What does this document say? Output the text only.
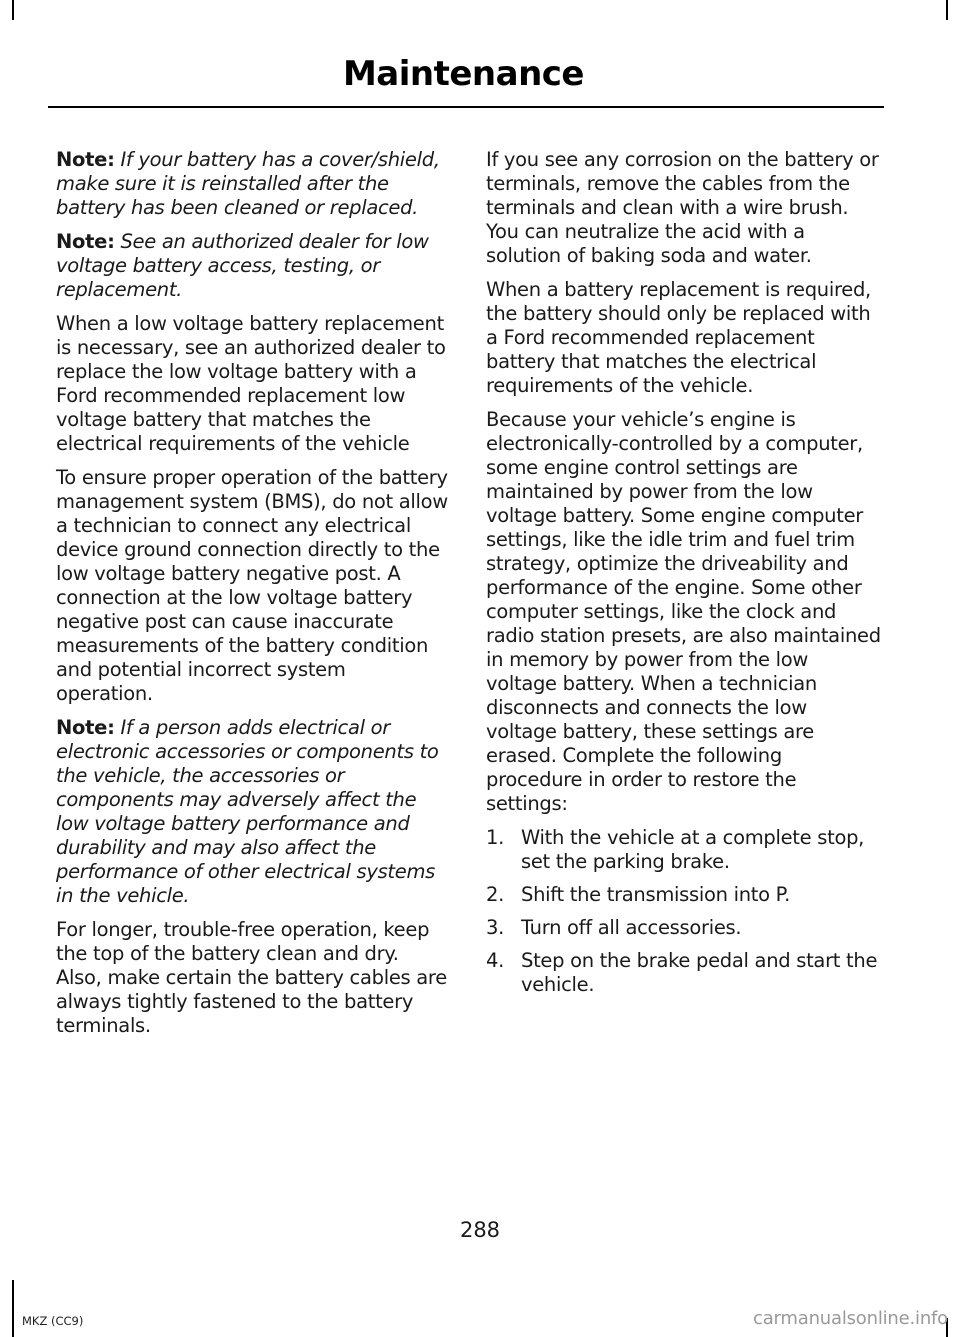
Maintenance

Note: If your battery has a cover/shield, make sure it is reinstalled after the battery has been cleaned or replaced.

Note: See an authorized dealer for low voltage battery access, testing, or replacement.

When a low voltage battery replacement is necessary, see an authorized dealer to replace the low voltage battery with a Ford recommended replacement low voltage battery that matches the electrical requirements of the vehicle

To ensure proper operation of the battery management system (BMS), do not allow a technician to connect any electrical device ground connection directly to the low voltage battery negative post. A connection at the low voltage battery negative post can cause inaccurate measurements of the battery condition and potential incorrect system operation.

Note: If a person adds electrical or electronic accessories or components to the vehicle, the accessories or components may adversely affect the low voltage battery performance and durability and may also affect the performance of other electrical systems in the vehicle.

For longer, trouble-free operation, keep the top of the battery clean and dry. Also, make certain the battery cables are always tightly fastened to the battery terminals.

If you see any corrosion on the battery or terminals, remove the cables from the terminals and clean with a wire brush. You can neutralize the acid with a solution of baking soda and water.

When a battery replacement is required, the battery should only be replaced with a Ford recommended replacement battery that matches the electrical requirements of the vehicle.

Because your vehicle’s engine is electronically-controlled by a computer, some engine control settings are maintained by power from the low voltage battery. Some engine computer settings, like the idle trim and fuel trim strategy, optimize the driveability and performance of the engine. Some other computer settings, like the clock and radio station presets, are also maintained in memory by power from the low voltage battery. When a technician disconnects and connects the low voltage battery, these settings are erased. Complete the following procedure in order to restore the settings:

1. With the vehicle at a complete stop, set the parking brake.
2. Shift the transmission into P.
3. Turn off all accessories.
4. Step on the brake pedal and start the vehicle.
288
MKZ (CC9)	carmanualsonline.info
